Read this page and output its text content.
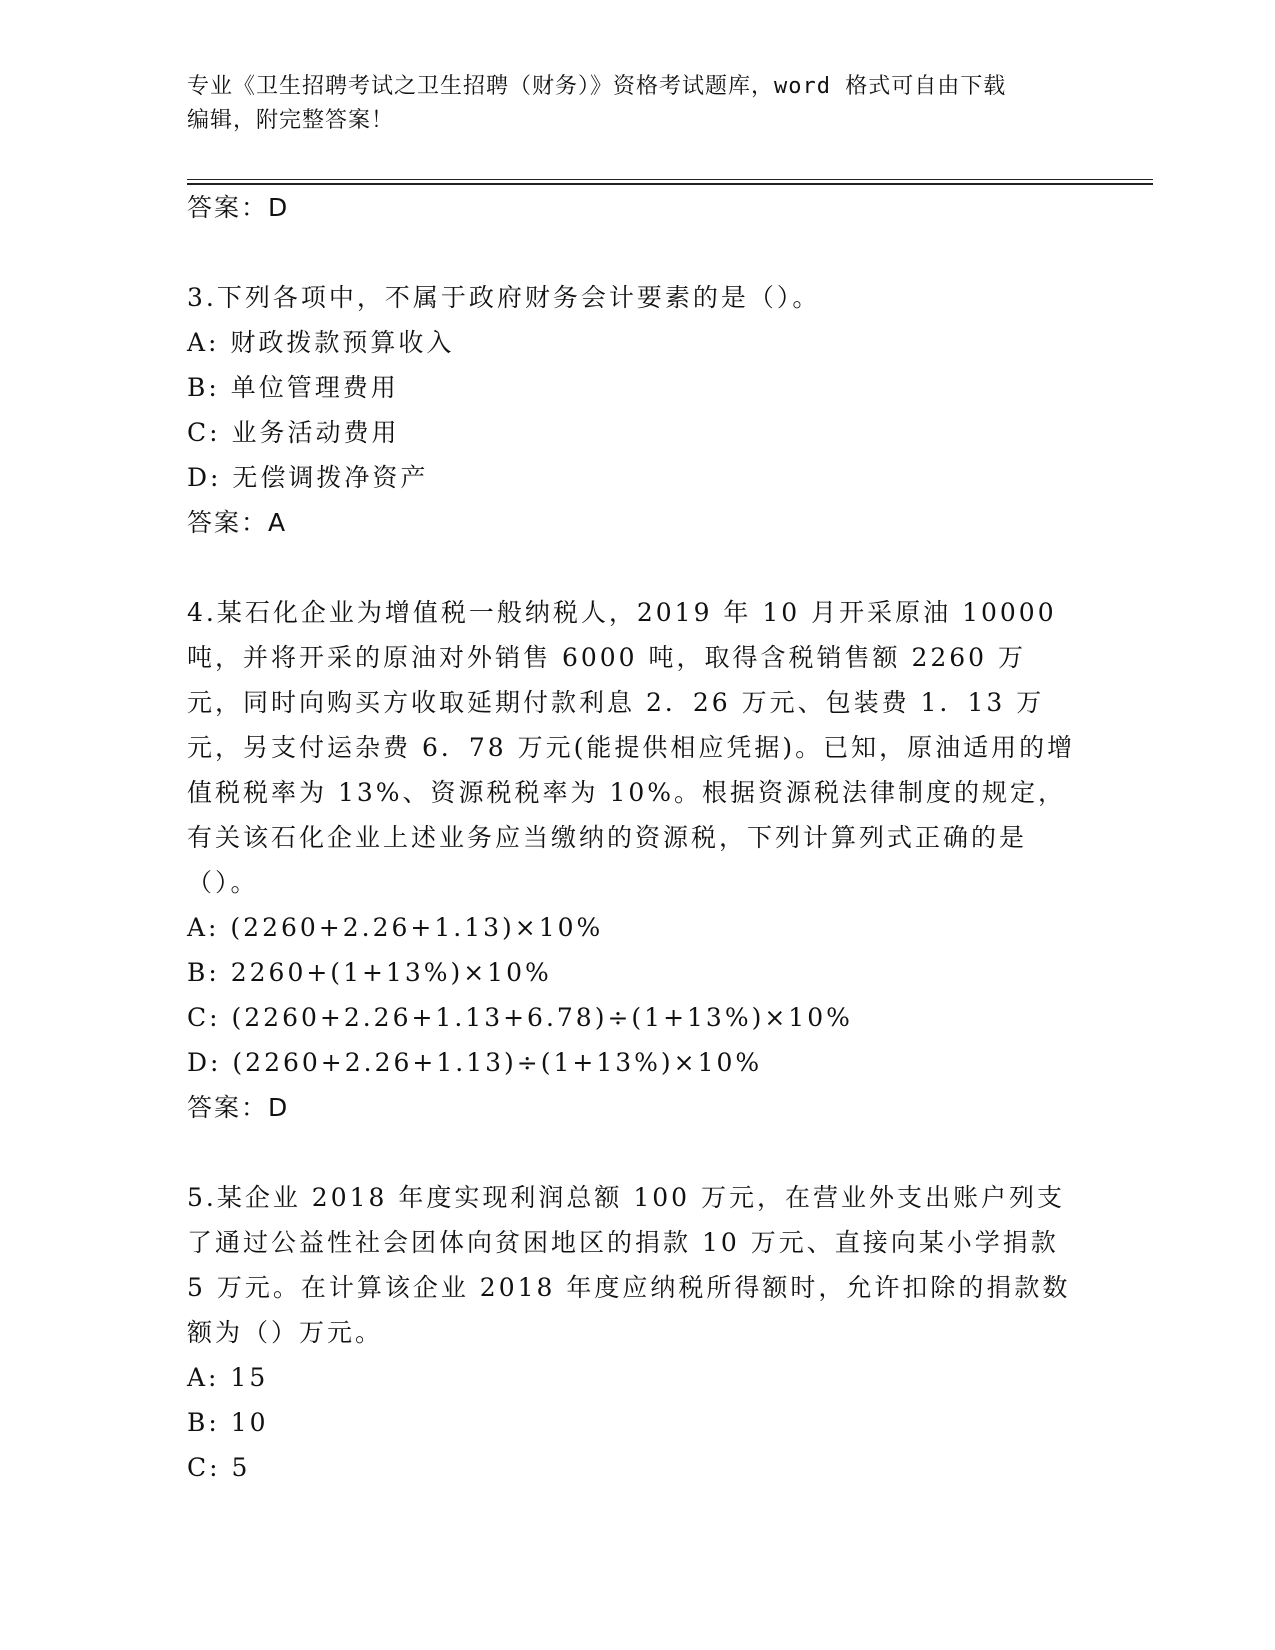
专业《卫生招聘考试之卫生招聘（财务）》资格考试题库，word 格式可自由下载
编辑，附完整答案！

答案：D

3.下列各项中，不属于政府财务会计要素的是（）。

A: 财政拨款预算收入

B: 单位管理费用

C: 业务活动费用

D: 无偿调拨净资产

答案：A

4.某石化企业为增值税一般纳税人，2019 年 10 月开采原油 10000 吨，并将开采的原油对外销售 6000 吨，取得含税销售额 2260 万元，同时向购买方收取延期付款利息 2．26 万元、包装费 1．13 万元，另支付运杂费 6．78 万元(能提供相应凭据)。已知，原油适用的增值税税率为 13%、资源税税率为 10%。根据资源税法律制度的规定，有关该石化企业上述业务应当缴纳的资源税，下列计算列式正确的是（）。

A: (2260+2.26+1.13)×10%

B: 2260+(1+13%)×10%

C: (2260+2.26+1.13+6.78)÷(1+13%)×10%

D: (2260+2.26+1.13)÷(1+13%)×10%

答案：D

5.某企业 2018 年度实现利润总额 100 万元，在营业外支出账户列支了通过公益性社会团体向贫困地区的捐款 10 万元、直接向某小学捐款 5 万元。在计算该企业 2018 年度应纳税所得额时，允许扣除的捐款数额为（）万元。

A: 15

B: 10

C: 5
